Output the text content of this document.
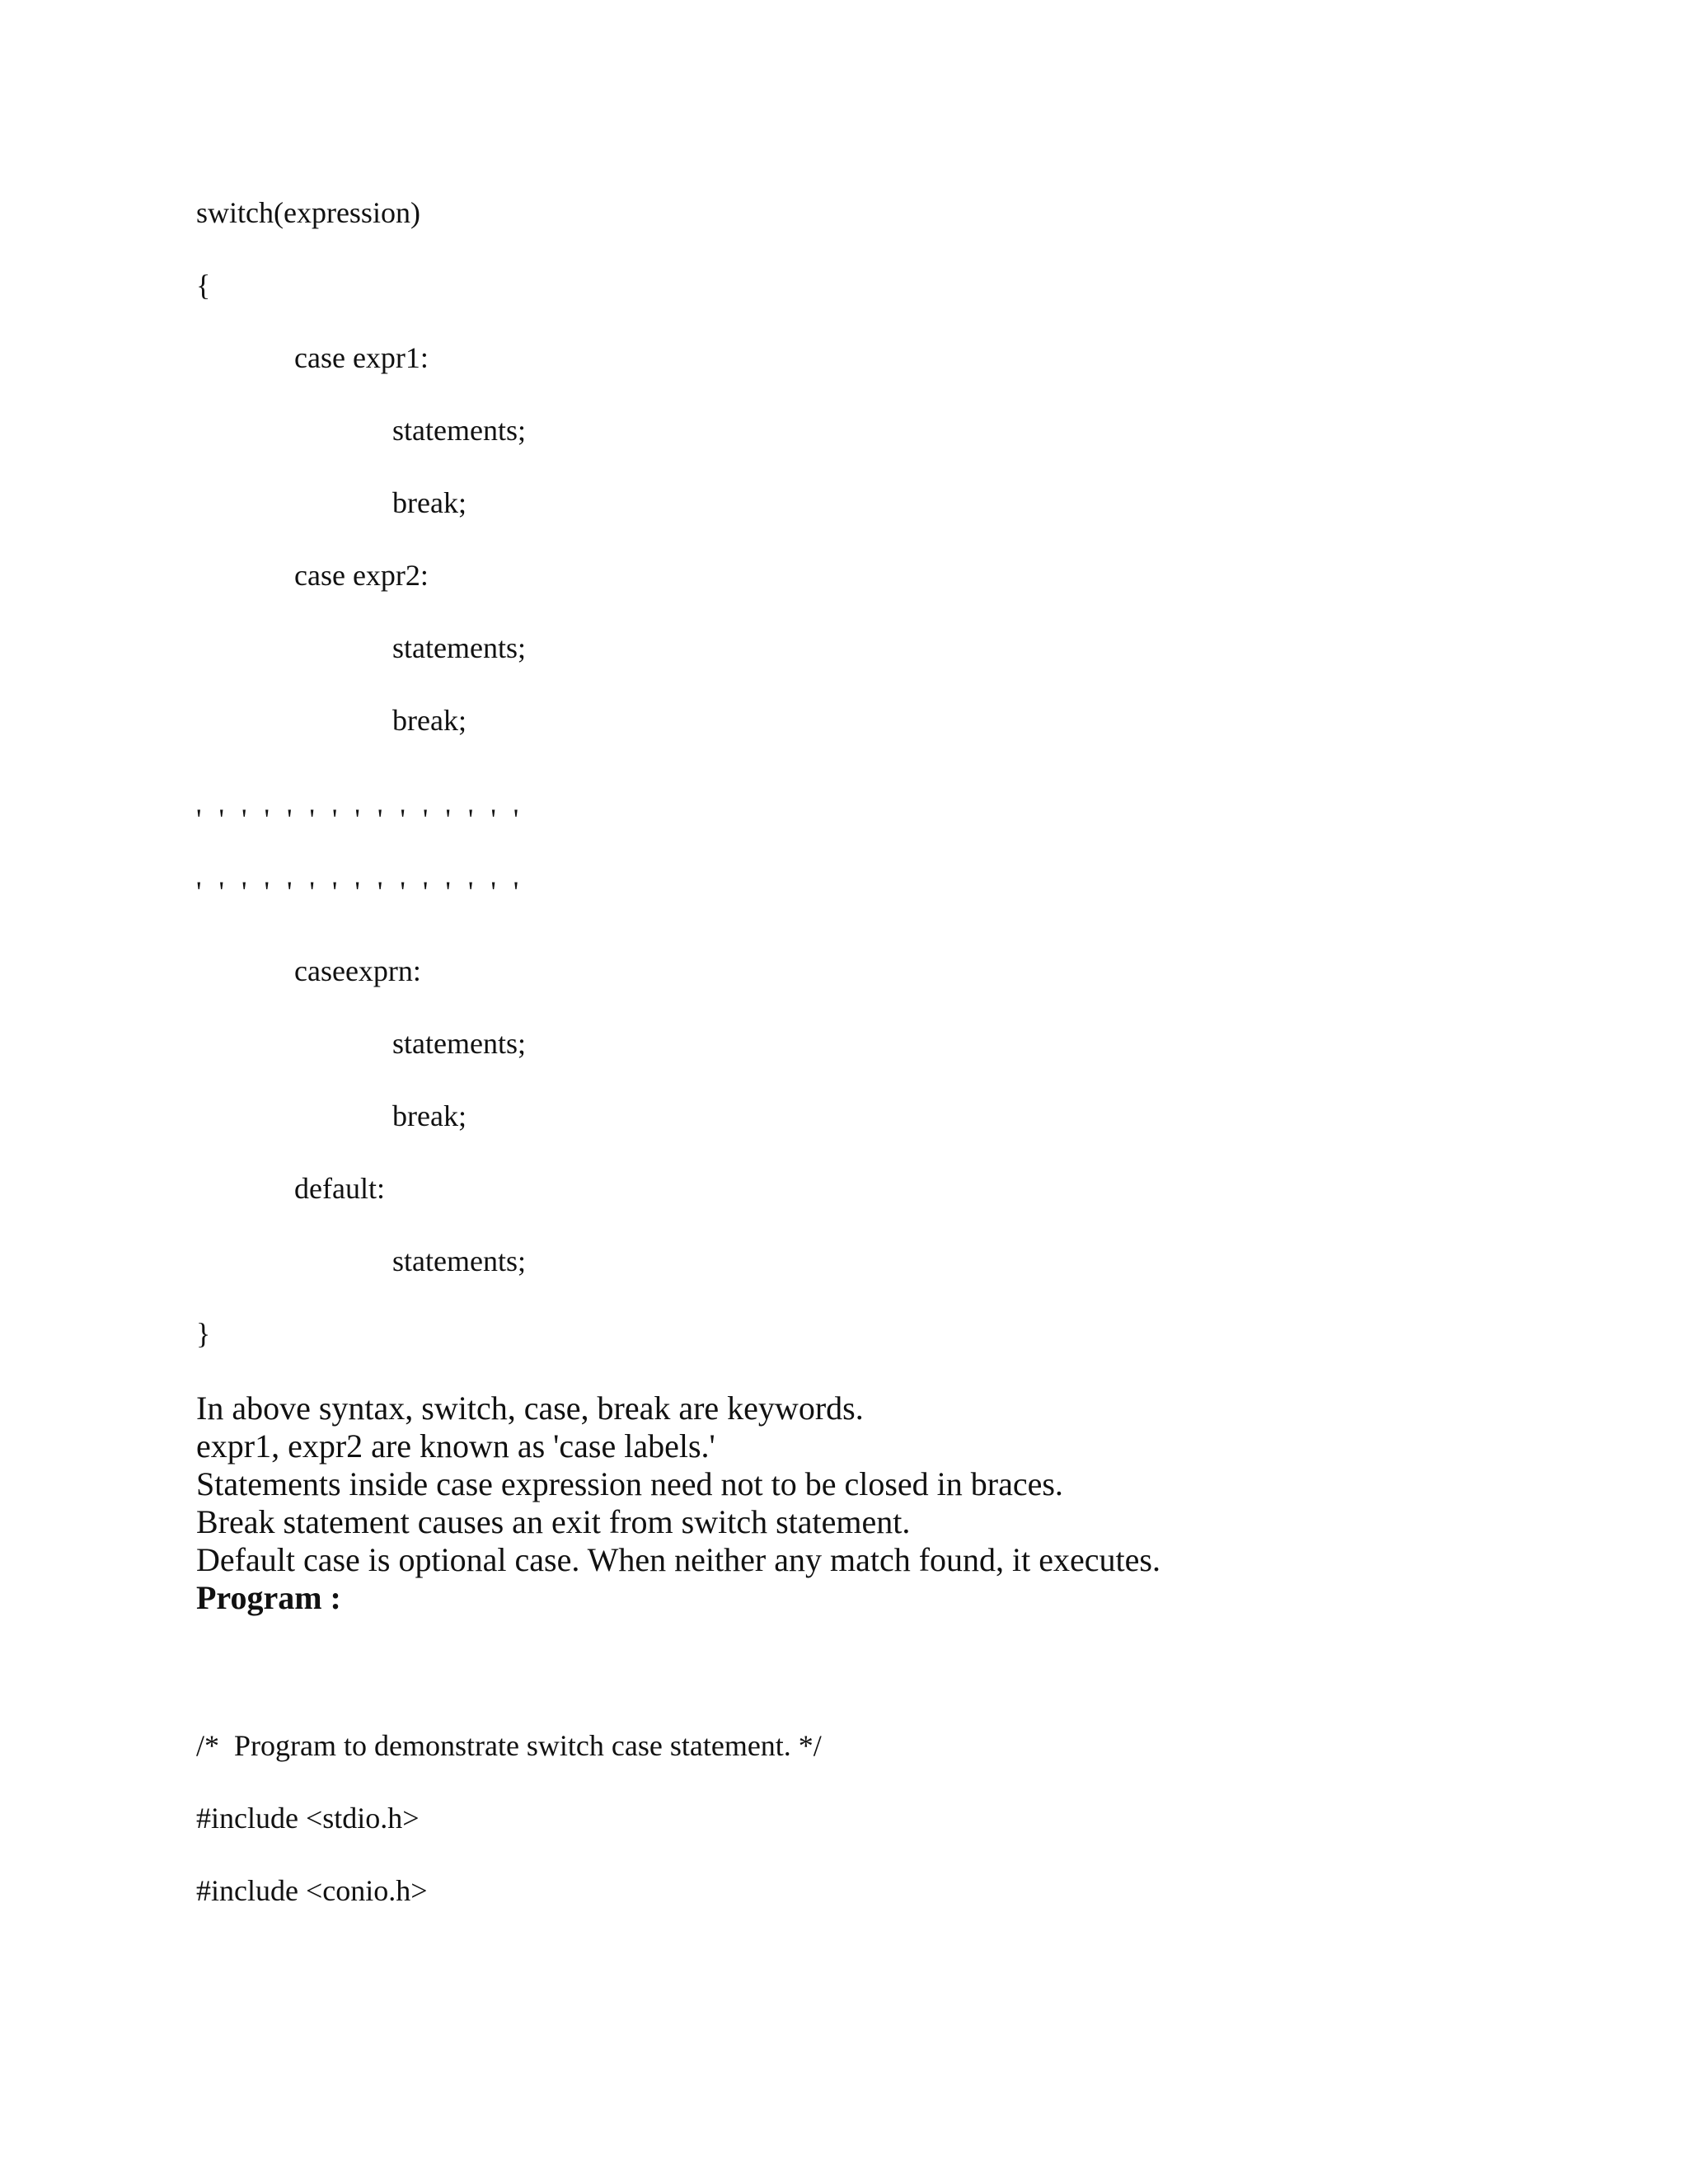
switch(expression)
{
case expr1:
statements;
break;
case expr2:
statements;
break;
' ' ' ' ' ' ' ' ' ' ' ' ' ' '
' ' ' ' ' ' ' ' ' ' ' ' ' ' '
caseexprn:
statements;
break;
default:
statements;
}

In above syntax, switch, case, break are keywords.

expr1, expr2 are known as 'case labels.'

Statements inside case expression need not to be closed in braces.

Break statement causes an exit from switch statement.

Default case is optional case. When neither any match found, it executes.

Program :

/*  Program to demonstrate switch case statement. */
#include <stdio.h>
#include <conio.h>
